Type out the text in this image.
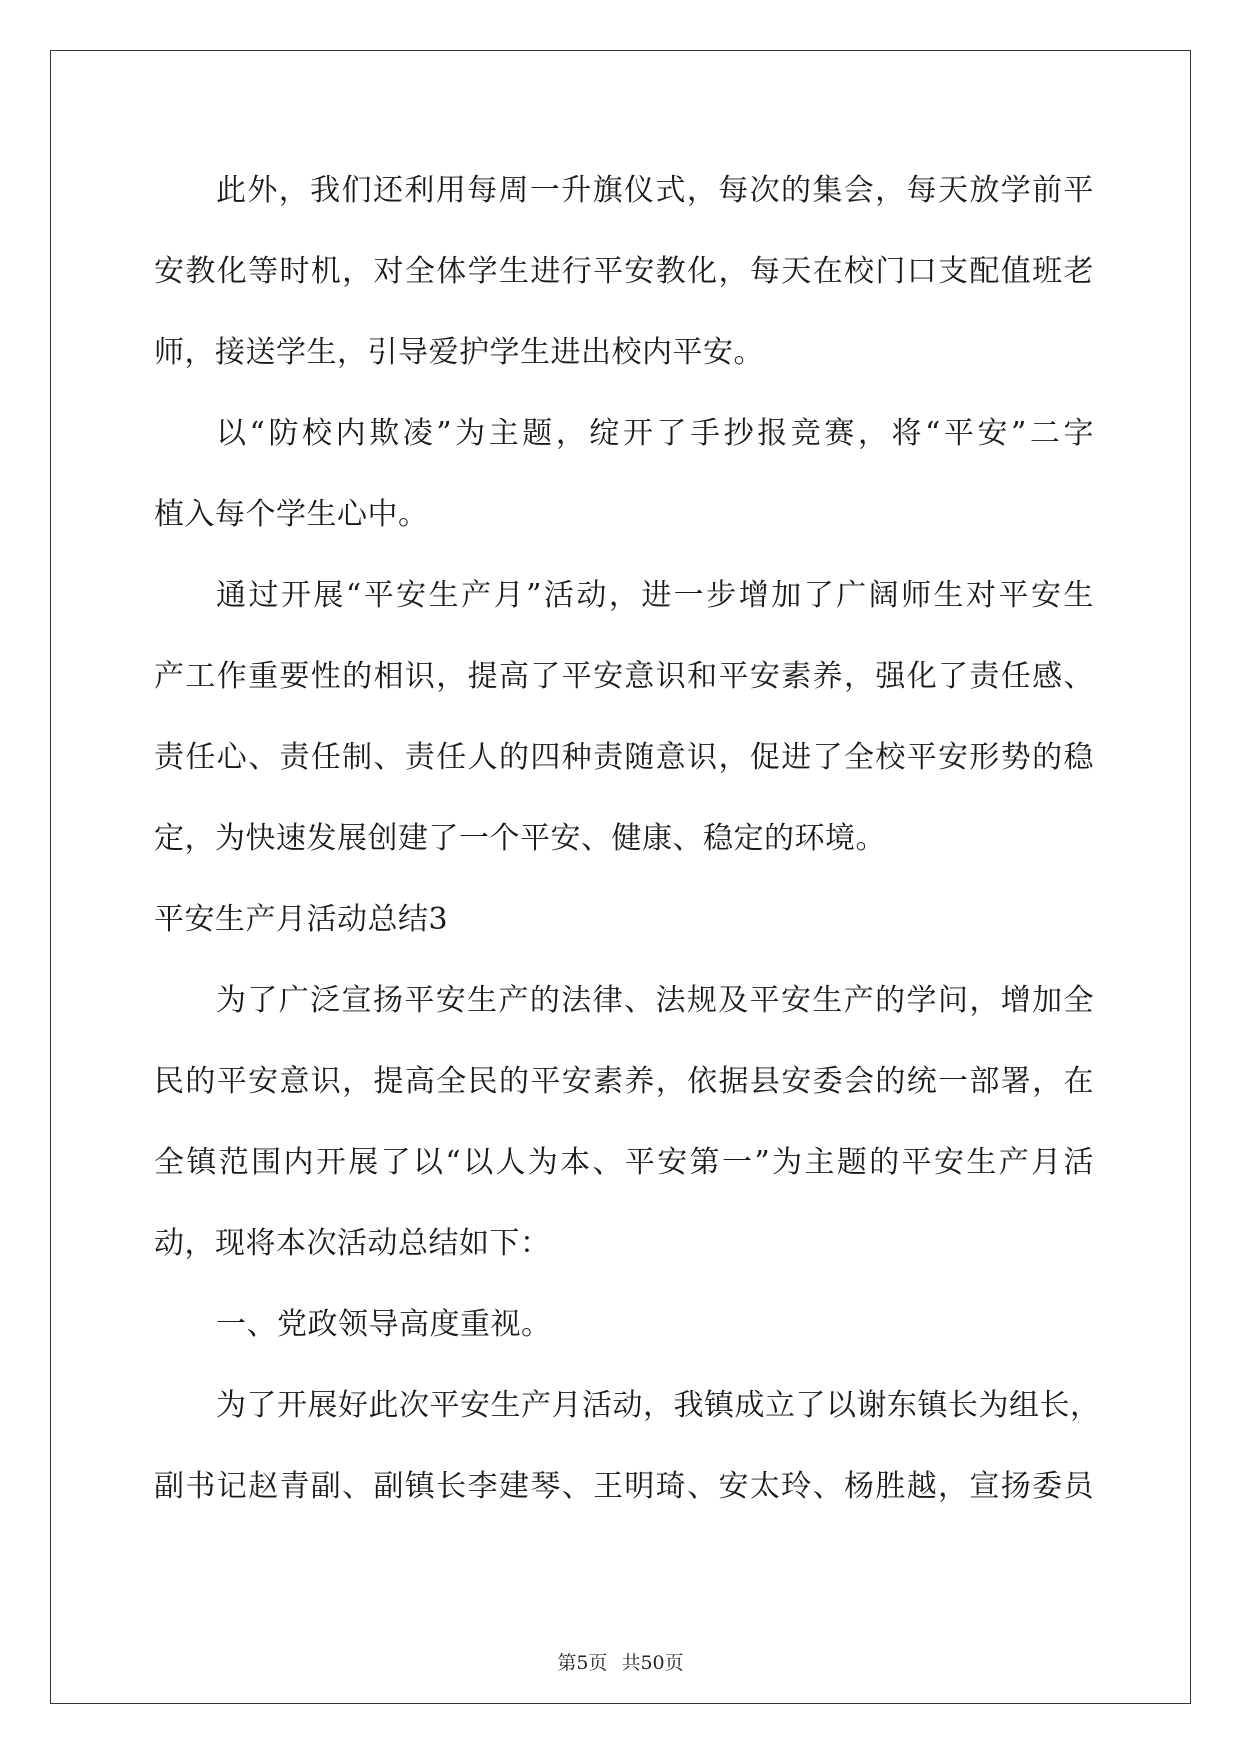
此外，我们还利用每周一升旗仪式，每次的集会，每天放学前平
安教化等时机，对全体学生进行平安教化，每天在校门口支配值班老
师，接送学生，引导爱护学生进出校内平安。
以“防校内欺凌”为主题，绽开了手抄报竞赛，将“平安”二字
植入每个学生心中。
通过开展“平安生产月”活动，进一步增加了广阔师生对平安生
产工作重要性的相识，提高了平安意识和平安素养，强化了责任感、
责任心、责任制、责任人的四种责随意识，促进了全校平安形势的稳
定，为快速发展创建了一个平安、健康、稳定的环境。
平安生产月活动总结3
为了广泛宣扬平安生产的法律、法规及平安生产的学问，增加全
民的平安意识，提高全民的平安素养，依据县安委会的统一部署，在
全镇范围内开展了以“以人为本、平安第一”为主题的平安生产月活
动，现将本次活动总结如下：
一、党政领导高度重视。
为了开展好此次平安生产月活动，我镇成立了以谢东镇长为组长，
副书记赵青副、副镇长李建琴、王明琦、安太玲、杨胜越，宣扬委员
第5页 共50页
